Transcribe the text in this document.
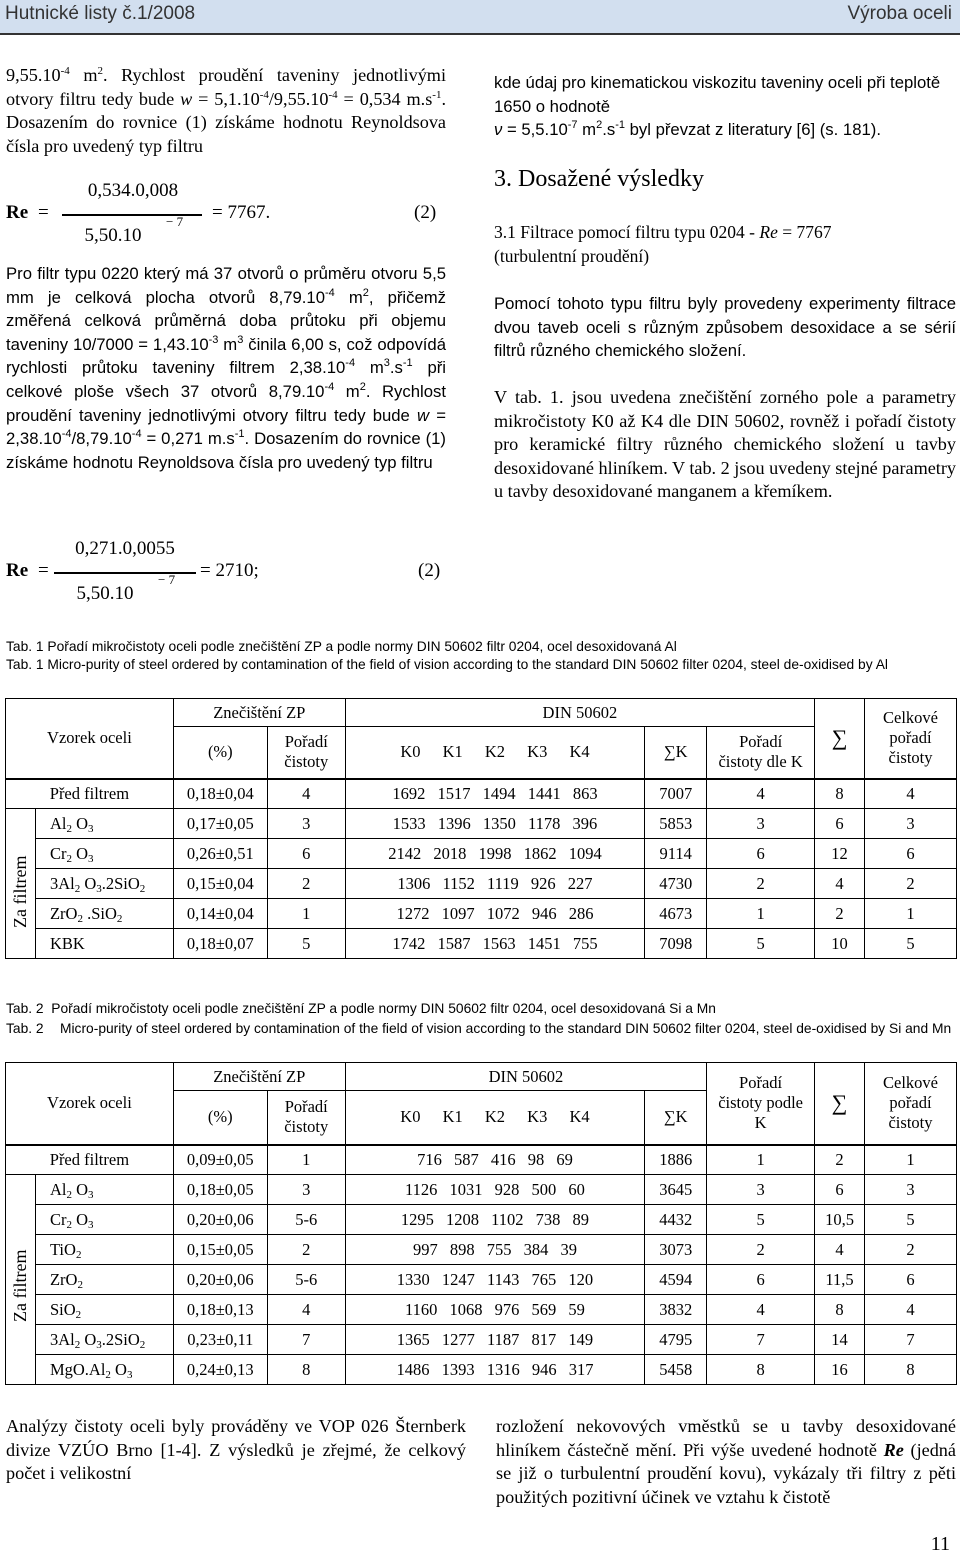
Hutnické listy č.1/2008	Výroba oceli
$9,55.10^{-4}$ $m^2$. Rychlost proudění taveniny jednotlivými otvory filtru tedy bude $w = 5,1.10^{-4}/9,55.10^{-4} = 0,534$ $m.s^{-1}$. Dosazením do rovnice (1) získáme hodnotu Reynoldsova čísla pro uvedený typ filtru
Re =
0,534.0,008
5,50.10
− 7 = 7767.	(2)
Pro filtr typu 0220 který má 37 otvorů o průměru otvoru 5,5 mm je celková plocha otvorů $8,79.10^{-4}$ $m^2$, přičemž změřená celková průměrná doba průtoku při objemu taveniny $10/7000 = 1,43.10^{-3}$ $m^3$ činila 6,00 s, což odpovídá rychlosti průtoku taveniny filtrem $2,38.10^{-4}$ $m^3.s^{-1}$ při celkové ploše všech 37 otvorů $8,79.10^{-4}$ $m^2$. Rychlost proudění taveniny jednotlivými otvory filtru tedy bude $w = 2,38.10^{-4}/8,79.10^{-4} = 0,271$ $m.s^{-1}$. Dosazením do rovnice (1) získáme hodnotu Reynoldsova čísla pro uvedený typ filtru
Re =
0,271.0,0055
5,50.10
− 7 = 2710;	(2)
kde údaj pro kinematickou viskozitu taveniny oceli při teplotě 1650 o hodnotě
$\nu = 5,5.10^{-7}$ $m^2.s^{-1}$ byl převzat z literatury [6] (s. 181).
3. Dosažené výsledky
3.1 Filtrace pomocí filtru typu 0204 - Re = 7767
(turbulentní proudění)
Pomocí tohoto typu filtru byly provedeny experimenty filtrace dvou taveb oceli s různým způsobem desoxidace a se sérií filtrů různého chemického složení.
V tab. 1. jsou uvedena znečištění zorného pole a parametry mikročistoty K0 až K4 dle DIN 50602, rovněž i pořadí čistoty pro keramické filtry různého chemického složení u tavby desoxidované hliníkem. V tab. 2 jsou uvedeny stejné parametry u tavby desoxidované manganem a křemíkem.
Tab. 1 Pořadí mikročistoty oceli podle znečištění ZP a podle normy DIN 50602 filtr 0204, ocel desoxidovaná Al
Tab. 1 Micro-purity of steel ordered by contamination of the field of vision according to the standard DIN 50602 filter 0204, steel de-oxidised by Al
Vzorek oceli		Znečištění ZP		DIN 50602			∑	Celkové
pořadí
čistoty
		(%)	Pořadí
čistoty	K0 K1 K2 K3 K4	∑K	Pořadí
čistoty dle K		
Před filtrem		0,18±0,04	4	1692 1517 1494 1441 863	7007	4	8	4
	$Al_2$ $O_3$	0,17±0,05	3	1533 1396 1350 1178 396	5853	3	6	3
	$Cr_2$ $O_3$	0,26±0,51	6	2142 2018 1998 1862 1094	9114	6	12	6
	$3Al_2$ $O_3.2SiO_2$	0,15±0,04	2	1306 1152 1119 926 227	4730	2	4	2
	ZrO$_2$ .SiO$_2$	0,14±0,04	1	1272 1097 1072 946 286	4673	1	2	1
	KBK	0,18±0,07	5	1742 1587 1563 1451 755	7098	5	10	5
Za filtrem
Tab. 2 Pořadí mikročistoty oceli podle znečištění ZP a podle normy DIN 50602 filtr 0204, ocel desoxidovaná Si a Mn
Tab. 2	Micro-purity of steel ordered by contamination of the field of vision according to the standard DIN 50602 filter 0204, steel de-oxidised by Si and Mn
Vzorek oceli		Znečištění ZP		DIN 50602		Pořadí
čistoty podle
K	∑	Celkové
pořadí
čistoty
		(%)	Pořadí
čistoty	K0 K1 K2 K3 K4	∑K			
Před filtrem		0,09±0,05	1	716 587 416 98 69	1886	1	2	1
	$Al_2$ $O_3$	0,18±0,05	3	1126 1031 928 500 60	3645	3	6	3
	$Cr_2$ $O_3$	0,20±0,06	5-6	1295 1208 1102 738 89	4432	5	10,5	5
	TiO$_2$	0,15±0,05	2	997 898 755 384 39	3073	2	4	2
	ZrO$_2$	0,20±0,06	5-6	1330 1247 1143 765 120	4594	6	11,5	6
	SiO$_2$	0,18±0,13	4	1160 1068 976 569 59	3832	4	8	4
	$3Al_2$ $O_3.2SiO_2$	0,23±0,11	7	1365 1277 1187 817 149	4795	7	14	7
	$MgO.Al_2$ $O_3$	0,24±0,13	8	1486 1393 1316 946 317	5458	8	16	8
Za filtrem
Analýzy čistoty oceli byly prováděny ve VOP 026 Šternberk divize VZÚO Brno [1-4]. Z výsledků je zřejmé, že celkový počet i velikostní
rozložení nekovových vměstků se u tavby desoxidované hliníkem částečně mění. Při výše uvedené hodnotě Re (jedná se již o turbulentní proudění kovu), vykázaly tři filtry z pěti použitých pozitivní účinek ve vztahu k čistotě
11
